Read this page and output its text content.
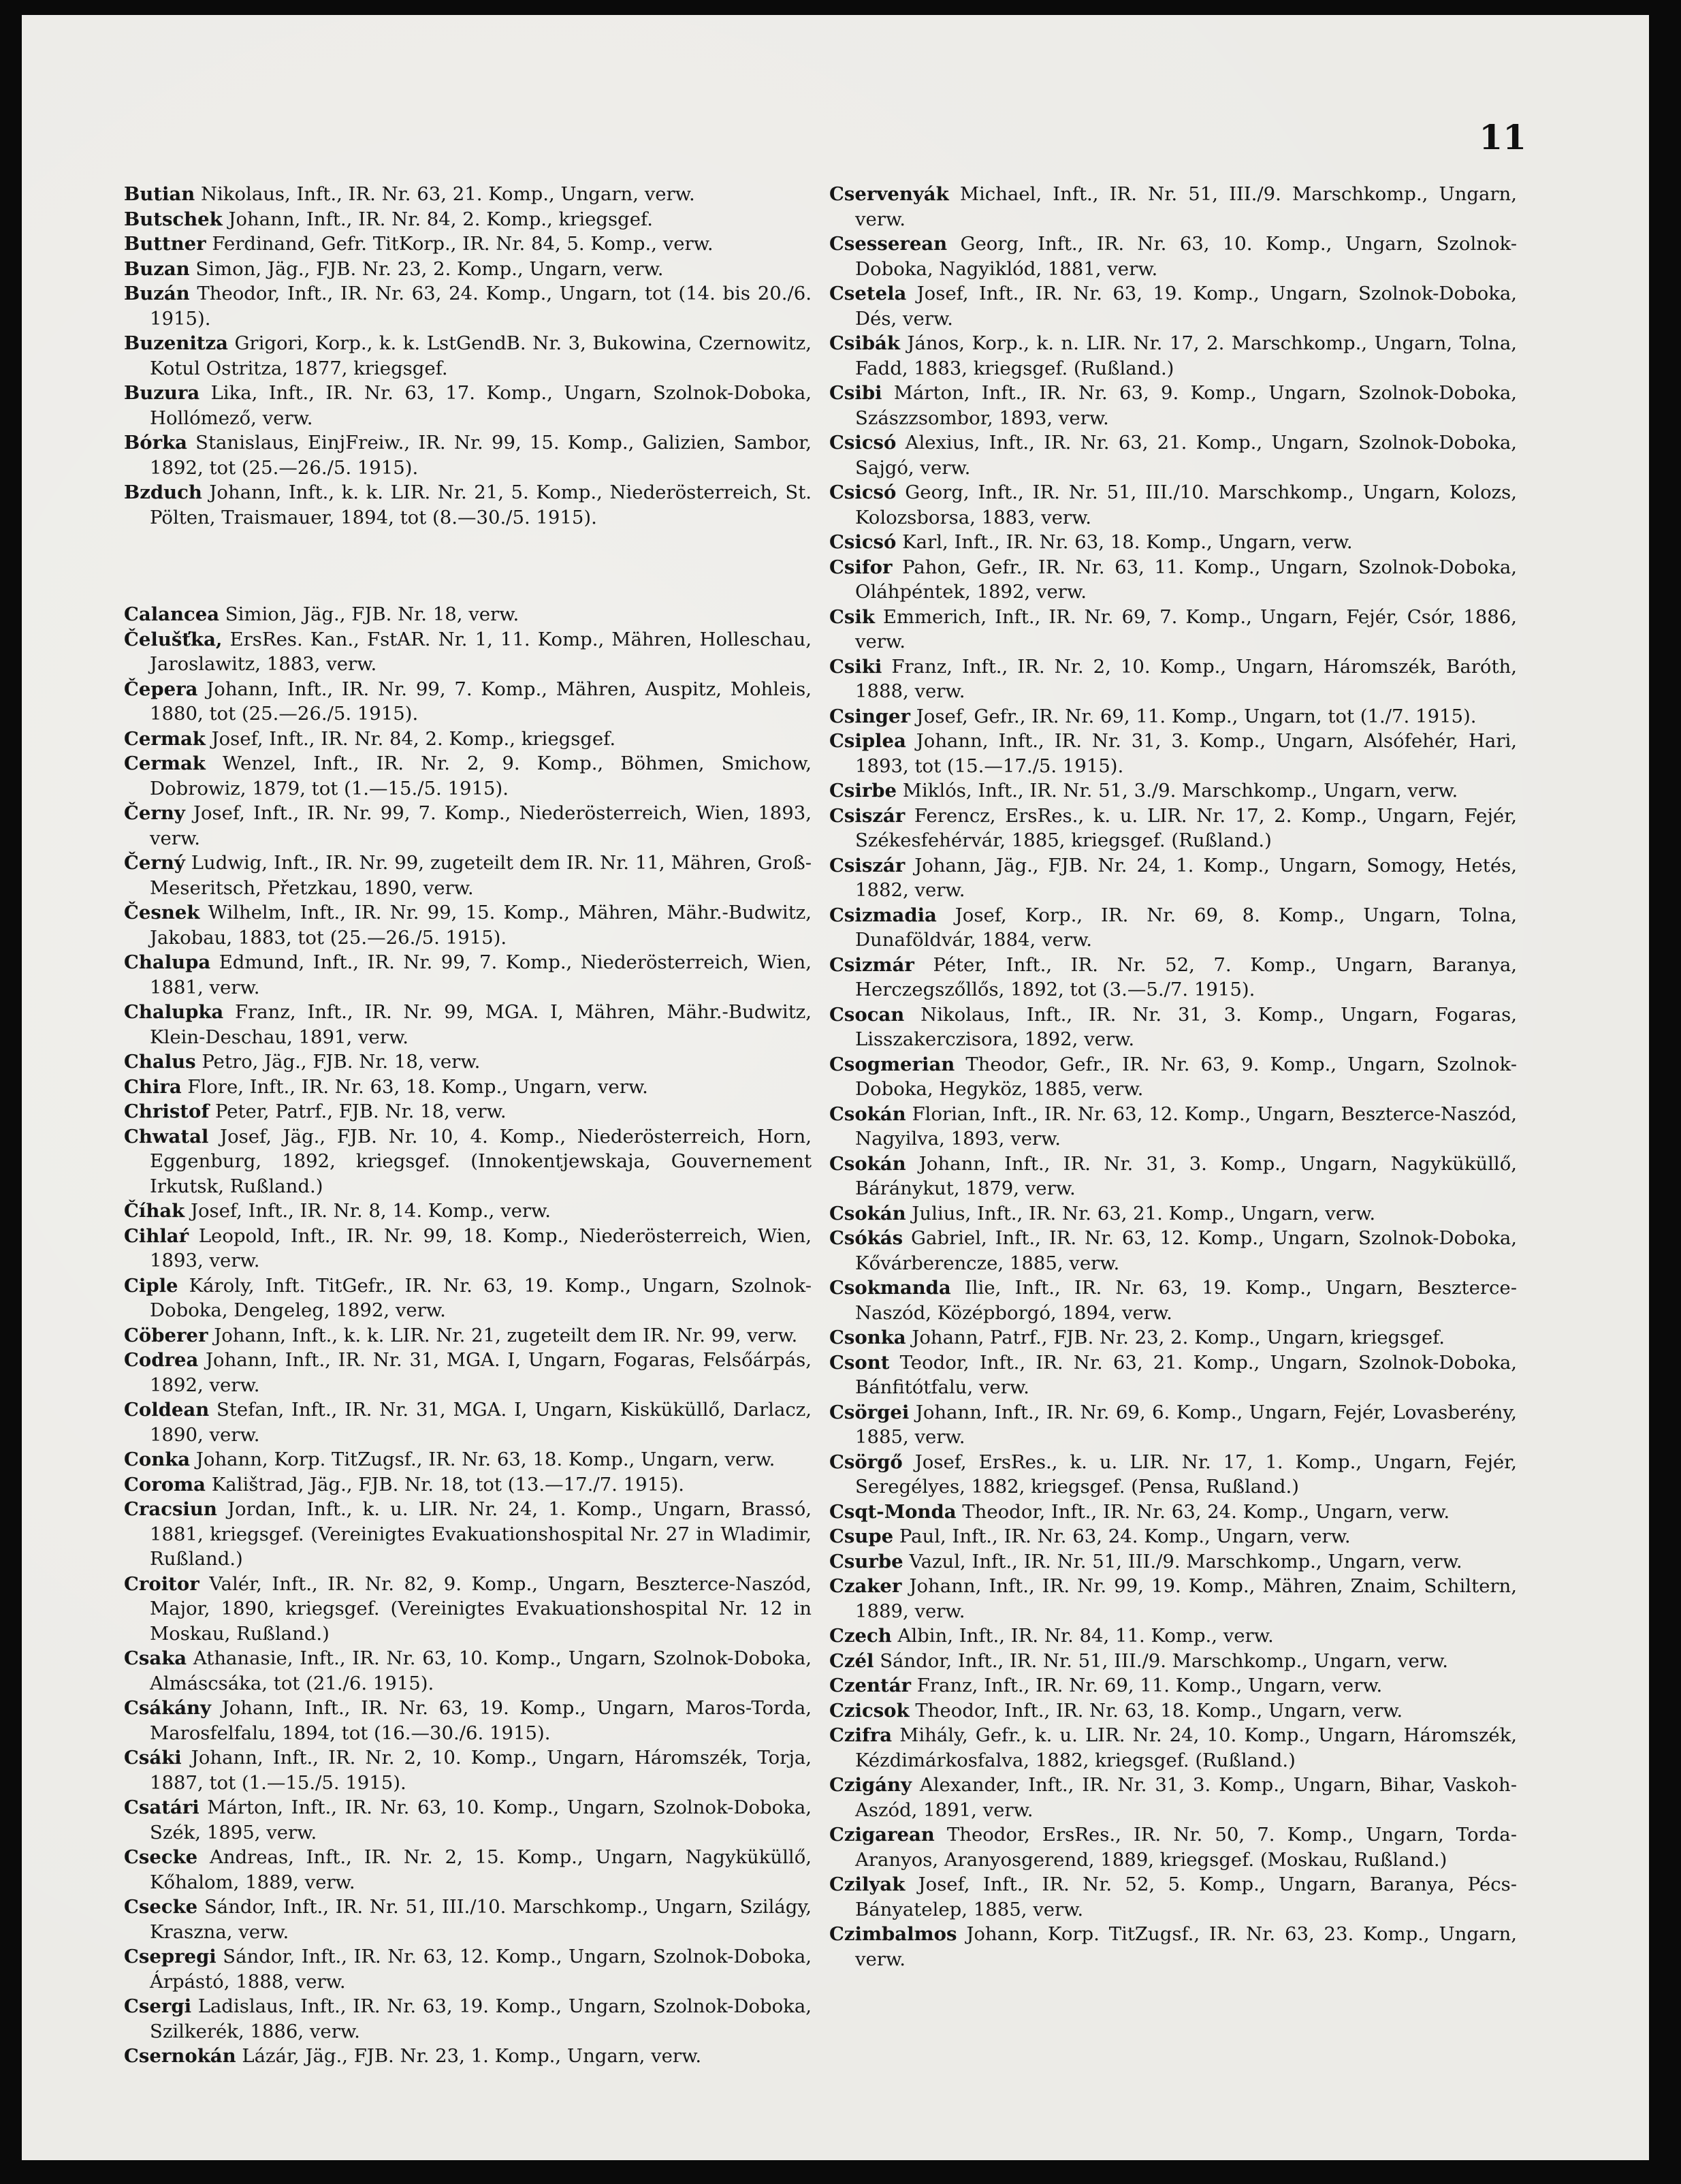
11

Butian Nikolaus, Inft., IR. Nr. 63, 21. Komp., Ungarn, verw.

Butschek Johann, Inft., IR. Nr. 84, 2. Komp., kriegsgef.

Buttner Ferdinand, Gefr. TitKorp., IR. Nr. 84, 5. Komp., verw.

Buzan Simon, Jäg., FJB. Nr. 23, 2. Komp., Ungarn, verw.

Buzán Theodor, Inft., IR. Nr. 63, 24. Komp., Ungarn, tot (14. bis 20./6. 1915).

Buzenitza Grigori, Korp., k. k. LstGendB. Nr. 3, Bukowina, Czernowitz, Kotul Ostritza, 1877, kriegsgef.

Buzura Lika, Inft., IR. Nr. 63, 17. Komp., Ungarn, Szolnok-Doboka, Hollómező, verw.

Bόrka Stanislaus, EinjFreiw., IR. Nr. 99, 15. Komp., Galizien, Sambor, 1892, tot (25.—26./5. 1915).

Bzduch Johann, Inft., k. k. LIR. Nr. 21, 5. Komp., Niederösterreich, St. Pölten, Traismauer, 1894, tot (8.—30./5. 1915).

Calancea Simion, Jäg., FJB. Nr. 18, verw.

Čelušťka, ErsRes. Kan., FstAR. Nr. 1, 11. Komp., Mähren, Holleschau, Jaroslawitz, 1883, verw.

Čepera Johann, Inft., IR. Nr. 99, 7. Komp., Mähren, Auspitz, Mohleis, 1880, tot (25.—26./5. 1915).

Cermak Josef, Inft., IR. Nr. 84, 2. Komp., kriegsgef.

Cermak Wenzel, Inft., IR. Nr. 2, 9. Komp., Böhmen, Smichow, Dobrowiz, 1879, tot (1.—15./5. 1915).

Černy Josef, Inft., IR. Nr. 99, 7. Komp., Niederösterreich, Wien, 1893, verw.

Černý Ludwig, Inft., IR. Nr. 99, zugeteilt dem IR. Nr. 11, Mähren, Groß-Meseritsch, Přetzkau, 1890, verw.

Česnek Wilhelm, Inft., IR. Nr. 99, 15. Komp., Mähren, Mähr.-Budwitz, Jakobau, 1883, tot (25.—26./5. 1915).

Chalupa Edmund, Inft., IR. Nr. 99, 7. Komp., Niederösterreich, Wien, 1881, verw.

Chalupka Franz, Inft., IR. Nr. 99, MGA. I, Mähren, Mähr.-Budwitz, Klein-Deschau, 1891, verw.

Chalus Petro, Jäg., FJB. Nr. 18, verw.

Chira Flore, Inft., IR. Nr. 63, 18. Komp., Ungarn, verw.

Christof Peter, Patrf., FJB. Nr. 18, verw.

Chwatal Josef, Jäg., FJB. Nr. 10, 4. Komp., Niederösterreich, Horn, Eggenburg, 1892, kriegsgef. (Innokentjewskaja, Gouvernement Irkutsk, Rußland.)

Číhak Josef, Inft., IR. Nr. 8, 14. Komp., verw.

Cihlaŕ Leopold, Inft., IR. Nr. 99, 18. Komp., Niederösterreich, Wien, 1893, verw.

Ciple Károly, Inft. TitGefr., IR. Nr. 63, 19. Komp., Ungarn, Szolnok-Doboka, Dengeleg, 1892, verw.

Cöberer Johann, Inft., k. k. LIR. Nr. 21, zugeteilt dem IR. Nr. 99, verw.

Codrea Johann, Inft., IR. Nr. 31, MGA. I, Ungarn, Fogaras, Felsőárpás, 1892, verw.

Coldean Stefan, Inft., IR. Nr. 31, MGA. I, Ungarn, Kisküküllő, Darlacz, 1890, verw.

Conka Johann, Korp. TitZugsf., IR. Nr. 63, 18. Komp., Ungarn, verw.

Coroma Kalištrad, Jäg., FJB. Nr. 18, tot (13.—17./7. 1915).

Cracsiun Jordan, Inft., k. u. LIR. Nr. 24, 1. Komp., Ungarn, Brassó, 1881, kriegsgef. (Vereinigtes Evakuationshospital Nr. 27 in Wladimir, Rußland.)

Croitor Valér, Inft., IR. Nr. 82, 9. Komp., Ungarn, Beszterce-Naszód, Major, 1890, kriegsgef. (Vereinigtes Evakuationshospital Nr. 12 in Moskau, Rußland.)

Csaka Athanasie, Inft., IR. Nr. 63, 10. Komp., Ungarn, Szolnok-Doboka, Almáscsáka, tot (21./6. 1915).

Csákány Johann, Inft., IR. Nr. 63, 19. Komp., Ungarn, Maros-Torda, Marosfelfalu, 1894, tot (16.—30./6. 1915).

Csáki Johann, Inft., IR. Nr. 2, 10. Komp., Ungarn, Háromszék, Torja, 1887, tot (1.—15./5. 1915).

Csatári Márton, Inft., IR. Nr. 63, 10. Komp., Ungarn, Szolnok-Doboka, Szék, 1895, verw.

Csecke Andreas, Inft., IR. Nr. 2, 15. Komp., Ungarn, Nagyküküllő, Kőhalom, 1889, verw.

Csecke Sándor, Inft., IR. Nr. 51, III./10. Marschkomp., Ungarn, Szilágy, Kraszna, verw.

Csepregi Sándor, Inft., IR. Nr. 63, 12. Komp., Ungarn, Szolnok-Doboka, Árpástó, 1888, verw.

Csergi Ladislaus, Inft., IR. Nr. 63, 19. Komp., Ungarn, Szolnok-Doboka, Szilkerék, 1886, verw.

Csernokán Lázár, Jäg., FJB. Nr. 23, 1. Komp., Ungarn, verw.

Cservenyák Michael, Inft., IR. Nr. 51, III./9. Marschkomp., Ungarn, verw.

Csesserean Georg, Inft., IR. Nr. 63, 10. Komp., Ungarn, Szolnok-Doboka, Nagyiklód, 1881, verw.

Csetela Josef, Inft., IR. Nr. 63, 19. Komp., Ungarn, Szolnok-Doboka, Dés, verw.

Csibák János, Korp., k. n. LIR. Nr. 17, 2. Marschkomp., Ungarn, Tolna, Fadd, 1883, kriegsgef. (Rußland.)

Csibi Márton, Inft., IR. Nr. 63, 9. Komp., Ungarn, Szolnok-Doboka, Szászzsombor, 1893, verw.

Csicsó Alexius, Inft., IR. Nr. 63, 21. Komp., Ungarn, Szolnok-Doboka, Sajgó, verw.

Csicsó Georg, Inft., IR. Nr. 51, III./10. Marschkomp., Ungarn, Kolozs, Kolozsborsa, 1883, verw.

Csicsó Karl, Inft., IR. Nr. 63, 18. Komp., Ungarn, verw.

Csifor Pahon, Gefr., IR. Nr. 63, 11. Komp., Ungarn, Szolnok-Doboka, Oláhpéntek, 1892, verw.

Csik Emmerich, Inft., IR. Nr. 69, 7. Komp., Ungarn, Fejér, Csór, 1886, verw.

Csiki Franz, Inft., IR. Nr. 2, 10. Komp., Ungarn, Háromszék, Baróth, 1888, verw.

Csinger Josef, Gefr., IR. Nr. 69, 11. Komp., Ungarn, tot (1./7. 1915).

Csiplea Johann, Inft., IR. Nr. 31, 3. Komp., Ungarn, Alsófehér, Hari, 1893, tot (15.—17./5. 1915).

Csirbe Miklós, Inft., IR. Nr. 51, 3./9. Marschkomp., Ungarn, verw.

Csiszár Ferencz, ErsRes., k. u. LIR. Nr. 17, 2. Komp., Ungarn, Fejér, Székesfehérvár, 1885, kriegsgef. (Rußland.)

Csiszár Johann, Jäg., FJB. Nr. 24, 1. Komp., Ungarn, Somogy, Hetés, 1882, verw.

Csizmadia Josef, Korp., IR. Nr. 69, 8. Komp., Ungarn, Tolna, Dunaföldvár, 1884, verw.

Csizmár Péter, Inft., IR. Nr. 52, 7. Komp., Ungarn, Baranya, Herczegszőllős, 1892, tot (3.—5./7. 1915).

Csocan Nikolaus, Inft., IR. Nr. 31, 3. Komp., Ungarn, Fogaras, Lisszakerczisora, 1892, verw.

Csogmerian Theodor, Gefr., IR. Nr. 63, 9. Komp., Ungarn, Szolnok-Doboka, Hegyköz, 1885, verw.

Csokán Florian, Inft., IR. Nr. 63, 12. Komp., Ungarn, Beszterce-Naszód, Nagyilva, 1893, verw.

Csokán Johann, Inft., IR. Nr. 31, 3. Komp., Ungarn, Nagyküküllő, Báránykut, 1879, verw.

Csokán Julius, Inft., IR. Nr. 63, 21. Komp., Ungarn, verw.

Csókás Gabriel, Inft., IR. Nr. 63, 12. Komp., Ungarn, Szolnok-Doboka, Kővárberencze, 1885, verw.

Csokmanda Ilie, Inft., IR. Nr. 63, 19. Komp., Ungarn, Beszterce-Naszód, Középborgó, 1894, verw.

Csonka Johann, Patrf., FJB. Nr. 23, 2. Komp., Ungarn, kriegsgef.

Csont Teodor, Inft., IR. Nr. 63, 21. Komp., Ungarn, Szolnok-Doboka, Bánfitótfalu, verw.

Csörgei Johann, Inft., IR. Nr. 69, 6. Komp., Ungarn, Fejér, Lovasberény, 1885, verw.

Csörgő Josef, ErsRes., k. u. LIR. Nr. 17, 1. Komp., Ungarn, Fejér, Seregélyes, 1882, kriegsgef. (Pensa, Rußland.)

Csqt-Monda Theodor, Inft., IR. Nr. 63, 24. Komp., Ungarn, verw.

Csupe Paul, Inft., IR. Nr. 63, 24. Komp., Ungarn, verw.

Csurbe Vazul, Inft., IR. Nr. 51, III./9. Marschkomp., Ungarn, verw.

Czaker Johann, Inft., IR. Nr. 99, 19. Komp., Mähren, Znaim, Schiltern, 1889, verw.

Czech Albin, Inft., IR. Nr. 84, 11. Komp., verw.

Czél Sándor, Inft., IR. Nr. 51, III./9. Marschkomp., Ungarn, verw.

Czentár Franz, Inft., IR. Nr. 69, 11. Komp., Ungarn, verw.

Czicsok Theodor, Inft., IR. Nr. 63, 18. Komp., Ungarn, verw.

Czifra Mihály, Gefr., k. u. LIR. Nr. 24, 10. Komp., Ungarn, Háromszék, Kézdimárkosfalva, 1882, kriegsgef. (Rußland.)

Czigány Alexander, Inft., IR. Nr. 31, 3. Komp., Ungarn, Bihar, Vaskoh-Aszód, 1891, verw.

Czigarean Theodor, ErsRes., IR. Nr. 50, 7. Komp., Ungarn, Torda-Aranyos, Aranyosgerend, 1889, kriegsgef. (Moskau, Rußland.)

Czilyak Josef, Inft., IR. Nr. 52, 5. Komp., Ungarn, Baranya, Pécs-Bányatelep, 1885, verw.

Czimbalmos Johann, Korp. TitZugsf., IR. Nr. 63, 23. Komp., Ungarn, verw.
